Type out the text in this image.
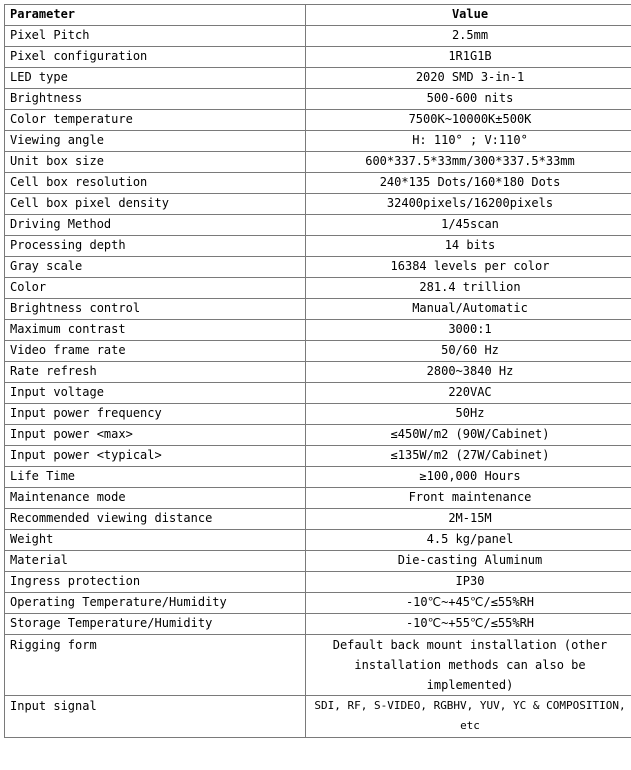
Parameter	Value
Pixel Pitch	2.5mm
Pixel configuration	1R1G1B
LED type	2020 SMD 3-in-1
Brightness	500-600 nits
Color temperature	7500K~10000K±500K
Viewing angle	H: 110° ; V:110°
Unit box size	600*337.5*33mm/300*337.5*33mm
Cell box resolution	240*135 Dots/160*180 Dots
Cell box pixel density	32400pixels/16200pixels
Driving Method	1/45scan
Processing depth	14 bits
Gray scale	16384 levels per color
Color	281.4 trillion
Brightness control	Manual/Automatic
Maximum contrast	3000:1
Video frame rate	50/60 Hz
Rate refresh	2800~3840 Hz
Input voltage	220VAC
Input power frequency	50Hz
Input power <max>	≤450W/m2 (90W/Cabinet)
Input power <typical>	≤135W/m2 (27W/Cabinet)
Life Time	≥100,000 Hours
Maintenance mode	Front maintenance
Recommended viewing distance	2M-15M
Weight	4.5 kg/panel
Material	Die-casting Aluminum
Ingress protection	IP30
Operating Temperature/Humidity	-10℃~+45℃/≤55%RH
Storage Temperature/Humidity	-10℃~+55℃/≤55%RH
Rigging form	Default back mount installation (other installation methods can also be implemented)
Input signal	SDI, RF, S-VIDEO, RGBHV, YUV, YC & COMPOSITION, etc
